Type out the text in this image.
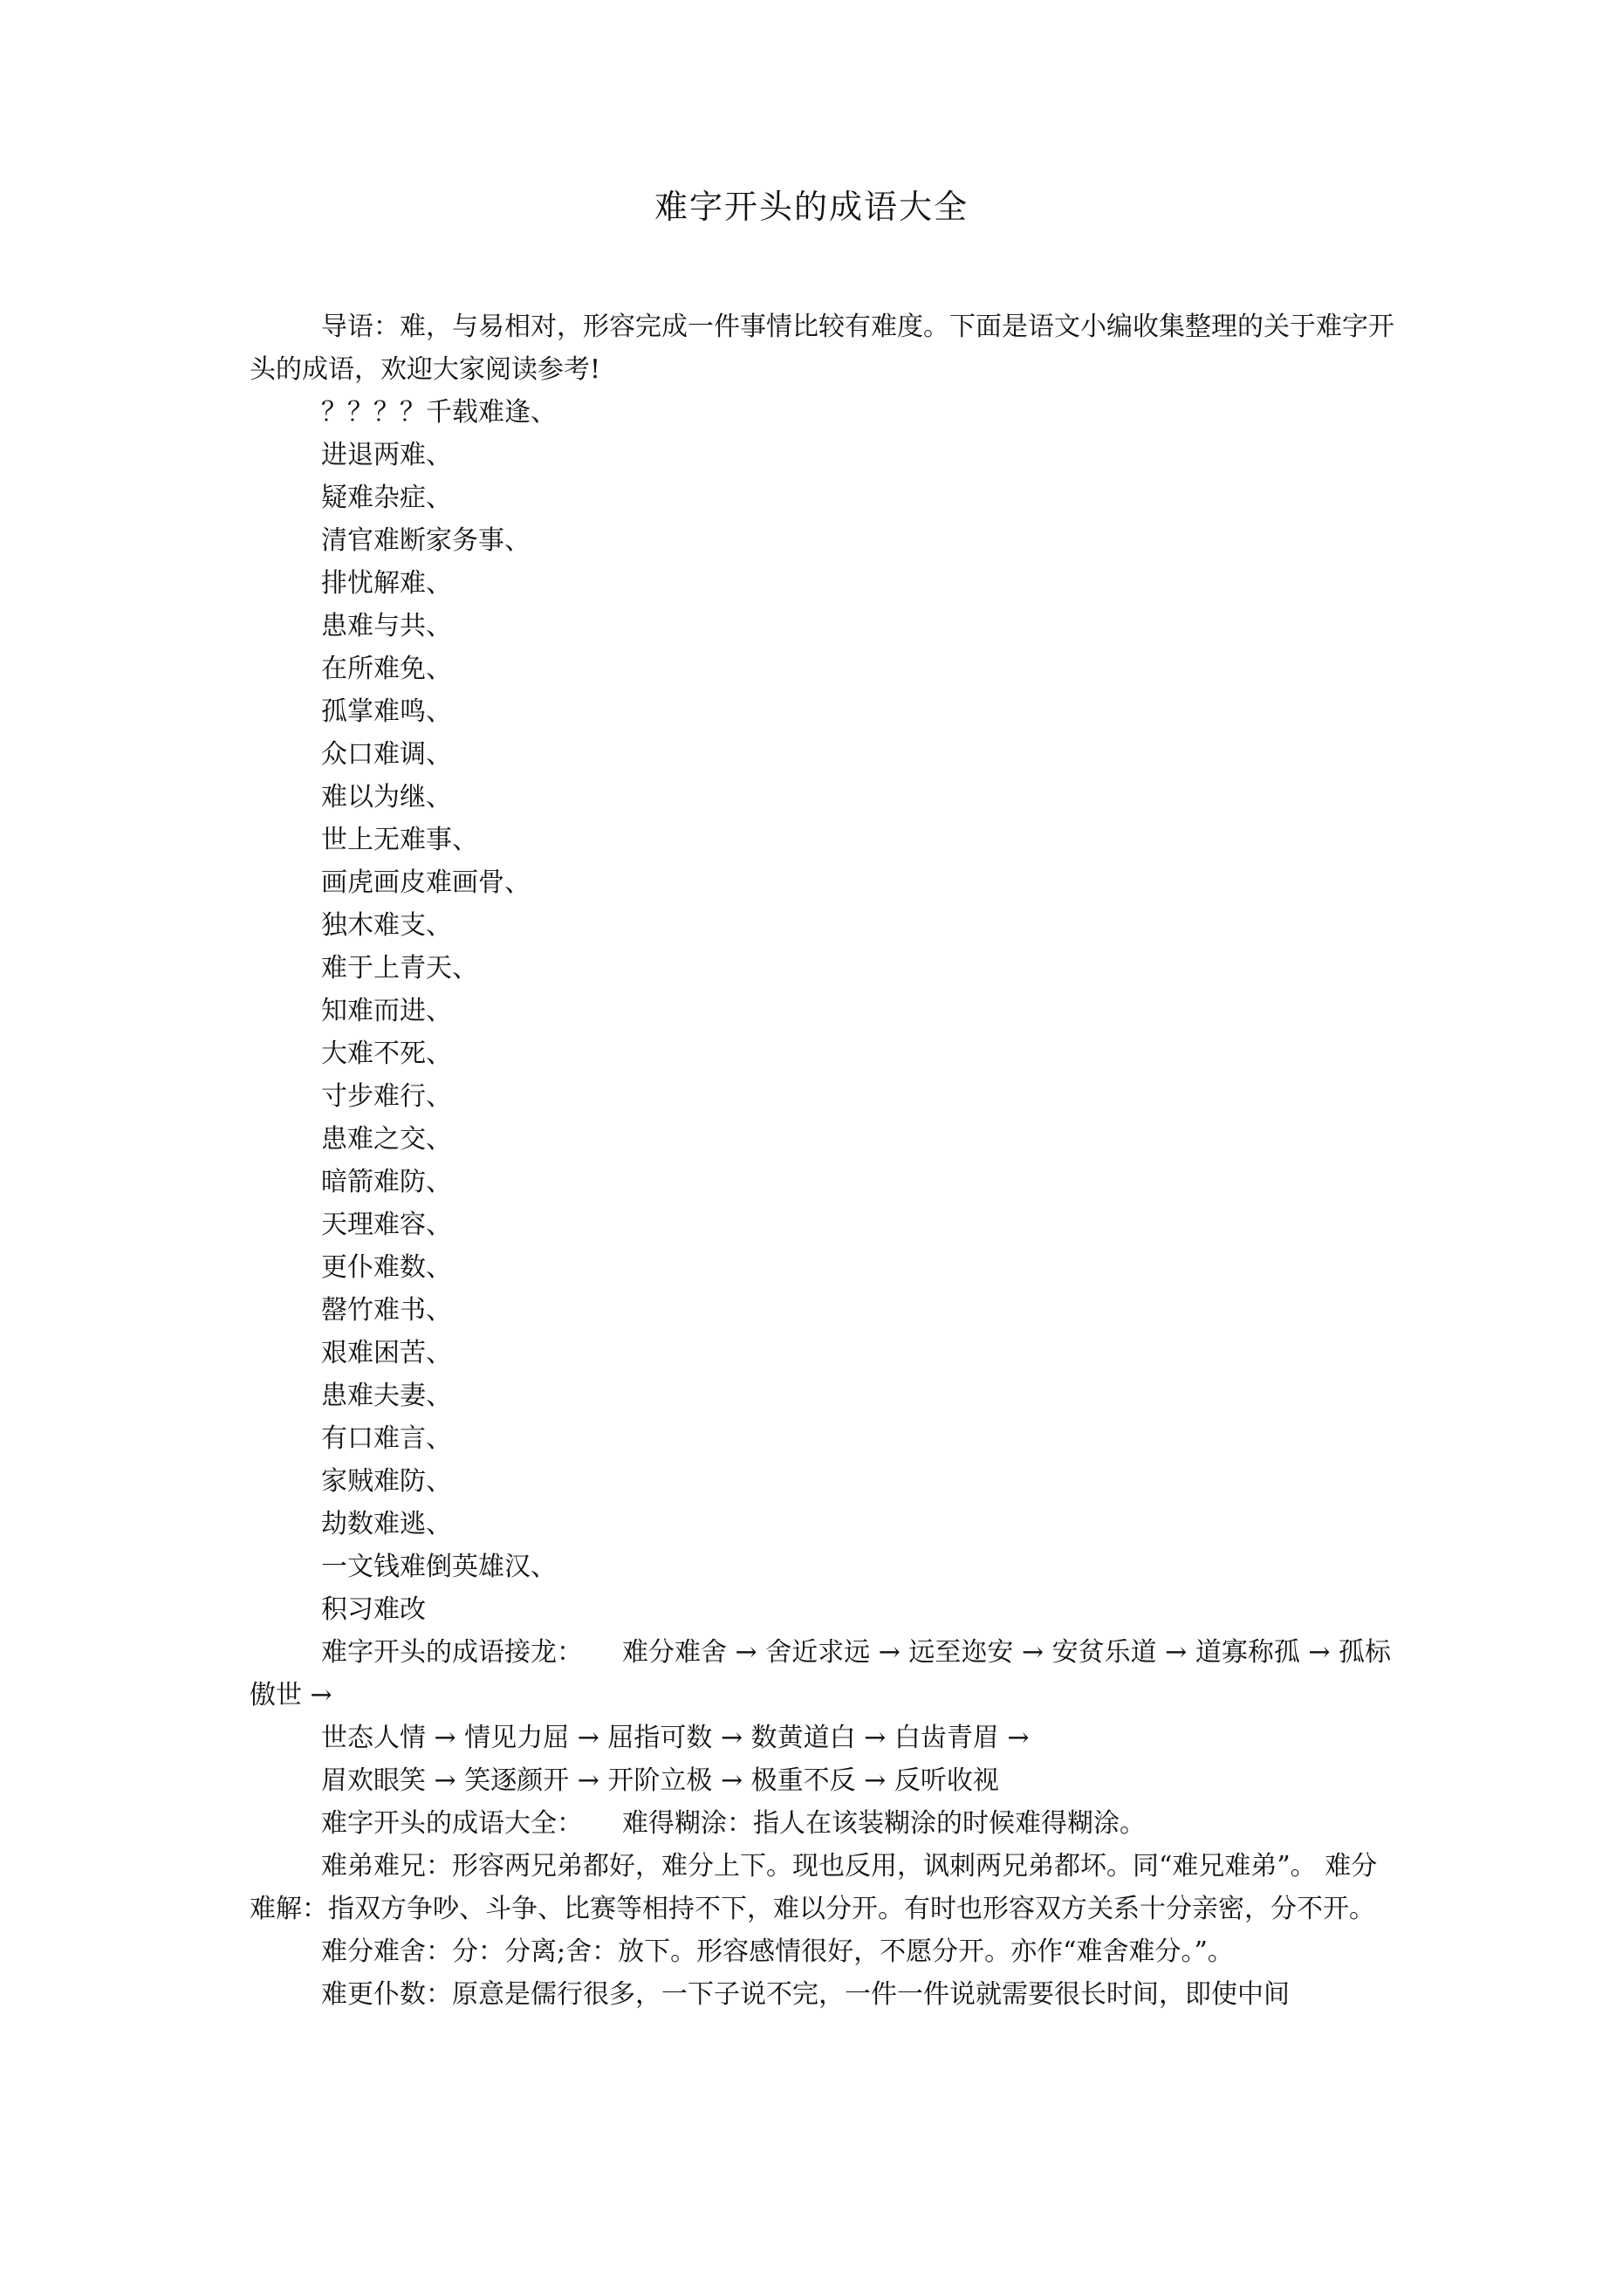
难字开头的成语大全

导语：难，与易相对，形容完成一件事情比较有难度。下面是语文小编收集整理的关于难字开头的成语，欢迎大家阅读参考!

？？？？千载难逢、

进退两难、

疑难杂症、

清官难断家务事、

排忧解难、

患难与共、

在所难免、

孤掌难鸣、

众口难调、

难以为继、

世上无难事、

画虎画皮难画骨、

独木难支、

难于上青天、

知难而进、

大难不死、

寸步难行、

患难之交、

暗箭难防、

天理难容、

更仆难数、

罄竹难书、

艰难困苦、

患难夫妻、

有口难言、

家贼难防、

劫数难逃、

一文钱难倒英雄汉、

积习难改

难字开头的成语接龙：　　难分难舍 → 舍近求远 → 远至迩安 → 安贫乐道 → 道寡称孤 → 孤标傲世 →

世态人情 → 情见力屈 → 屈指可数 → 数黄道白 → 白齿青眉 →

眉欢眼笑 → 笑逐颜开 → 开阶立极 → 极重不反 → 反听收视

难字开头的成语大全：　　难得糊涂：指人在该装糊涂的时候难得糊涂。

难弟难兄：形容两兄弟都好，难分上下。现也反用，讽刺两兄弟都坏。同“难兄难弟”。 难分难解：指双方争吵、斗争、比赛等相持不下，难以分开。有时也形容双方关系十分亲密，分不开。

难分难舍：分：分离;舍：放下。形容感情很好，不愿分开。亦作“难舍难分。”。

难更仆数：原意是儒行很多，一下子说不完，一件一件说就需要很长时间，即使中间
